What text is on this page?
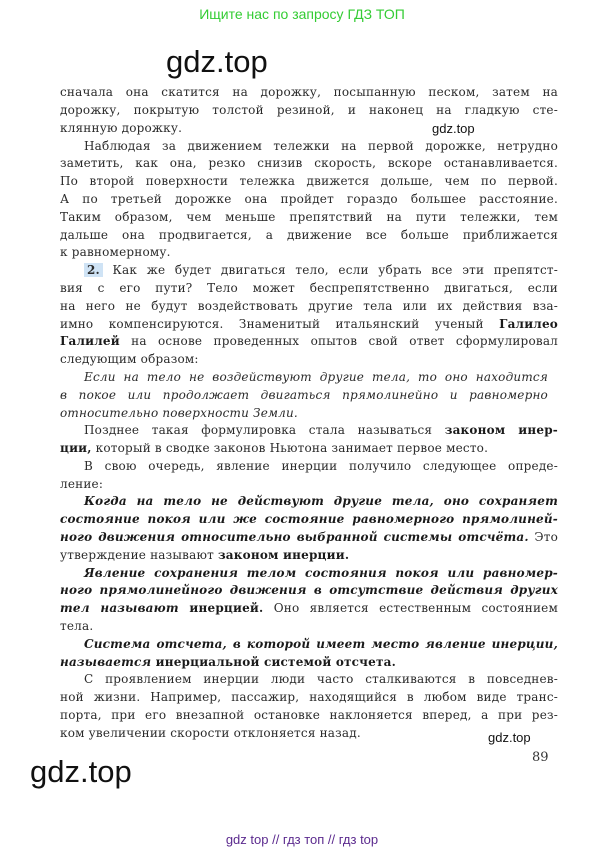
Ищите нас по запросу ГДЗ ТОП
gdz.top
gdz.top
сначала она скатится на дорожку, посыпанную песком, затем на
дорожку, покрытую толстой резиной, и наконец на гладкую сте-
клянную дорожку.
Наблюдая за движением тележки на первой дорожке, нетрудно
заметить, как она, резко снизив скорость, вскоре останавливается.
По второй поверхности тележка движется дольше, чем по первой.
А по третьей дорожке она пройдет гораздо большее расстояние.
Таким образом, чем меньше препятствий на пути тележки, тем
дальше она продвигается, а движение все больше приближается
к равномерному.
2. Как же будет двигаться тело, если убрать все эти препятст-
вия с его пути? Тело может беспрепятственно двигаться, если
на него не будут воздействовать другие тела или их действия вза-
имно компенсируются. Знаменитый итальянский ученый Галилео
Галилей на основе проведенных опытов свой ответ сформулировал
следующим образом:
Если на тело не воздействуют другие тела, то оно находится
в покое или продолжает двигаться прямолинейно и равномерно
относительно поверхности Земли.
Позднее такая формулировка стала называться законом инер-
ции, который в сводке законов Ньютона занимает первое место.
В свою очередь, явление инерции получило следующее опреде-
ление:
Когда на тело не действуют другие тела, оно сохраняет
состояние покоя или же состояние равномерного прямолиней-
ного движения относительно выбранной системы отсчёта. Это
утверждение называют законом инерции.
Явление сохранения телом состояния покоя или равномер-
ного прямолинейного движения в отсутствие действия других
тел называют инерцией. Оно является естественным состоянием
тела.
Система отсчета, в которой имеет место явление инерции,
называется инерциальной системой отсчета.
С проявлением инерции люди часто сталкиваются в повседнев-
ной жизни. Например, пассажир, находящийся в любом виде транс-
порта, при его внезапной остановке наклоняется вперед, а при рез-
ком увеличении скорости отклоняется назад.	gdz.top
89
gdz.top
gdz top // гдз топ // гдз top
